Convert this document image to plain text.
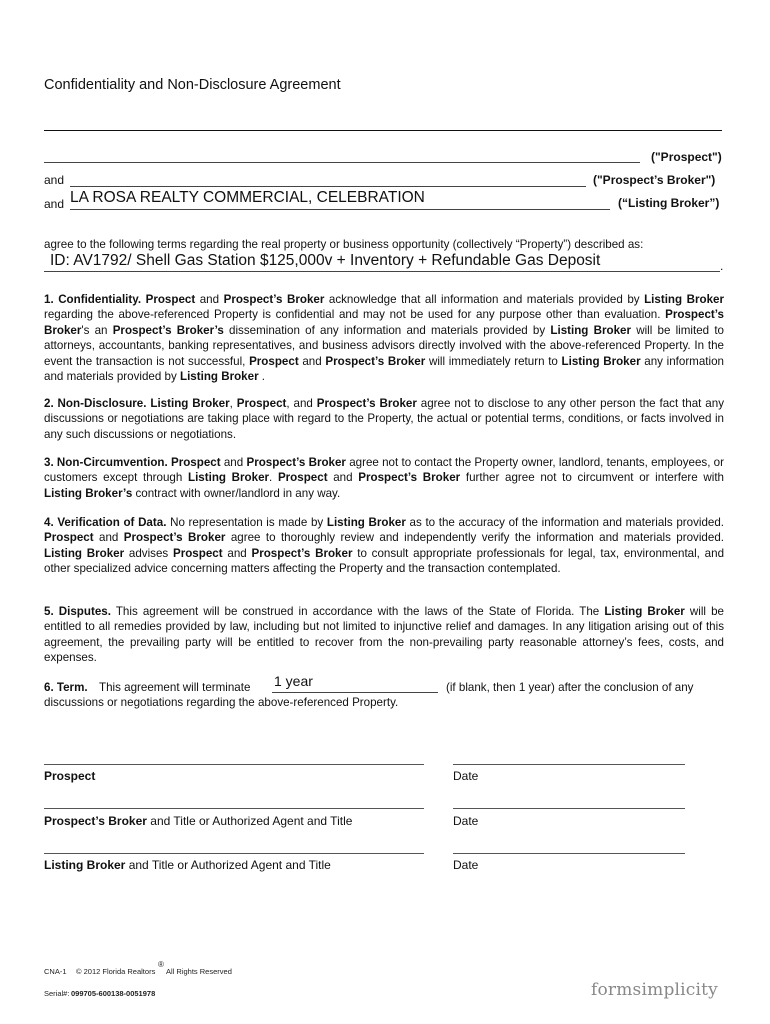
Confidentiality and Non-Disclosure Agreement
("Prospect")
and	("Prospect’s Broker")
and LA ROSA REALTY COMMERCIAL, CELEBRATION	(“Listing Broker”)
agree to the following terms regarding the real property or business opportunity (collectively “Property”) described as:
ID: AV1792/ Shell Gas Station $125,000v + Inventory + Refundable Gas Deposit	.
1. Confidentiality. Prospect and Prospect’s Broker acknowledge that all information and materials provided by Listing Broker regarding the above-referenced Property is confidential and may not be used for any purpose other than evaluation. Prospect’s Broker's an Prospect’s Broker’s dissemination of any information and materials provided by Listing Broker will be limited to attorneys, accountants, banking representatives, and business advisors directly involved with the above-referenced Property. In the event the transaction is not successful, Prospect and Prospect’s Broker will immediately return to Listing Broker any information and materials provided by Listing Broker .
2. Non-Disclosure. Listing Broker, Prospect, and Prospect’s Broker agree not to disclose to any other person the fact that any discussions or negotiations are taking place with regard to the Property, the actual or potential terms, conditions, or facts involved in any such discussions or negotiations.
3. Non-Circumvention. Prospect and Prospect’s Broker agree not to contact the Property owner, landlord, tenants, employees, or customers except through Listing Broker. Prospect and Prospect’s Broker further agree not to circumvent or interfere with Listing Broker’s contract with owner/landlord in any way.
4. Verification of Data. No representation is made by Listing Broker as to the accuracy of the information and materials provided. Prospect and Prospect’s Broker agree to thoroughly review and independently verify the information and materials provided. Listing Broker advises Prospect and Prospect’s Broker to consult appropriate professionals for legal, tax, environmental, and other specialized advice concerning matters affecting the Property and the transaction contemplated.
5. Disputes. This agreement will be construed in accordance with the laws of the State of Florida. The Listing Broker will be entitled to all remedies provided by law, including but not limited to injunctive relief and damages. In any litigation arising out of this agreement, the prevailing party will be entitled to recover from the non-prevailing party reasonable attorney’s fees, costs, and expenses.
6. Term. This agreement will terminate 1 year	(if blank, then 1 year) after the conclusion of any
discussions or negotiations regarding the above-referenced Property.
Prospect	Date
Prospect’s Broker and Title or Authorized Agent and Title	Date
Listing Broker and Title or Authorized Agent and Title	Date
CNA-1 © 2012 Florida Realtors
®
All Rights Reserved
Serial#: 099705-600138-0051978	formsimplicity
